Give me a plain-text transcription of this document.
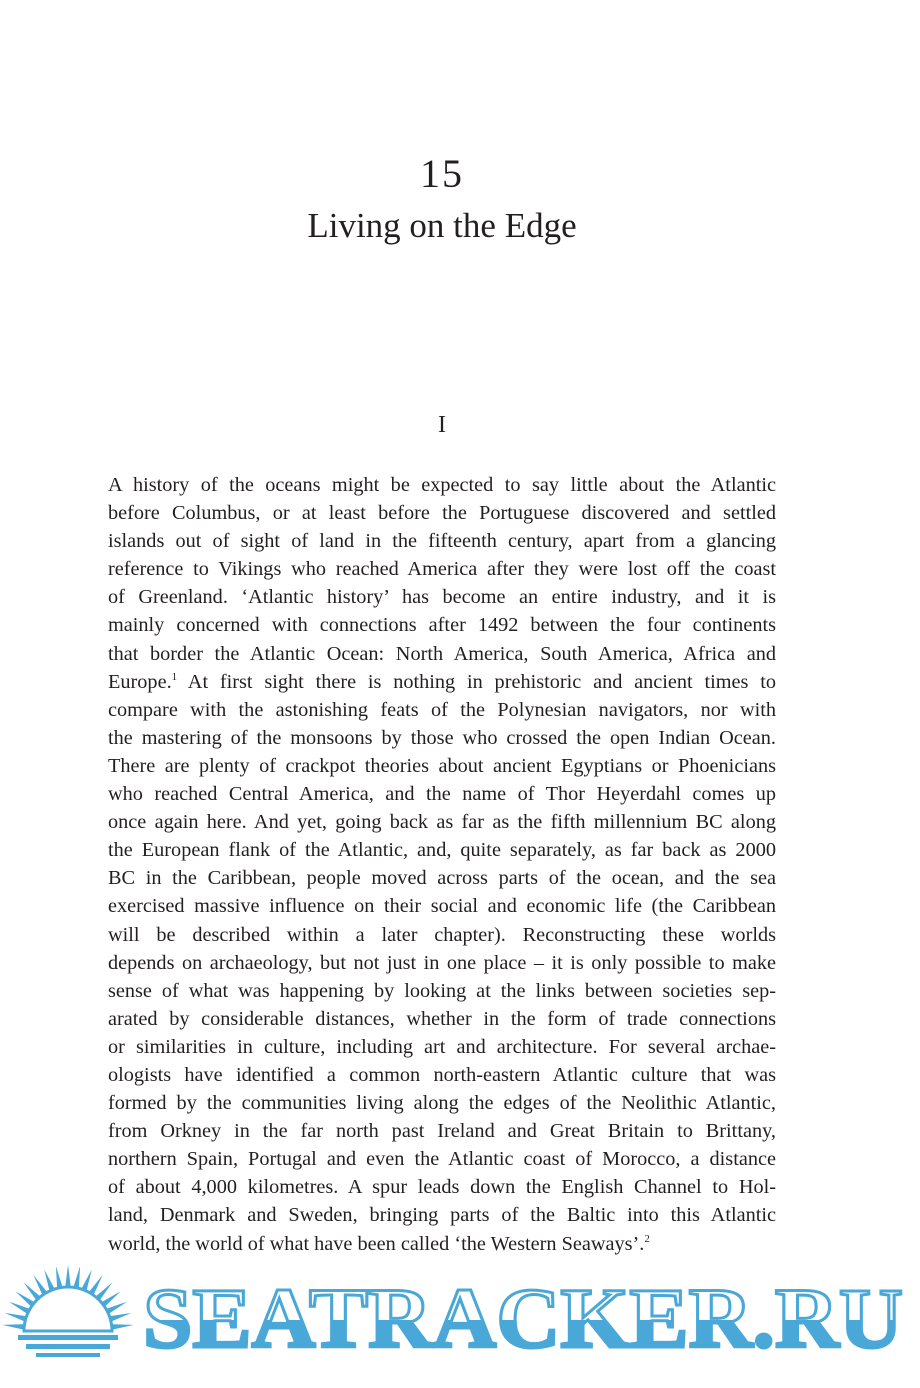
15
Living on the Edge
I
A history of the oceans might be expected to say little about the Atlantic
before Columbus, or at least before the Portuguese discovered and settled
islands out of sight of land in the fifteenth century, apart from a glancing
reference to Vikings who reached America after they were lost off the coast
of Greenland. ‘Atlantic history’ has become an entire industry, and it is
mainly concerned with connections after 1492 between the four continents
that border the Atlantic Ocean: North America, South America, Africa and
Europe.$^1$ At first sight there is nothing in prehistoric and ancient times to
compare with the astonishing feats of the Polynesian navigators, nor with
the mastering of the monsoons by those who crossed the open Indian Ocean.
There are plenty of crackpot theories about ancient Egyptians or Phoenicians
who reached Central America, and the name of Thor Heyerdahl comes up
once again here. And yet, going back as far as the fifth millennium BC along
the European flank of the Atlantic, and, quite separately, as far back as 2000
BC in the Caribbean, people moved across parts of the ocean, and the sea
exercised massive influence on their social and economic life (the Caribbean
will be described within a later chapter). Reconstructing these worlds
depends on archaeology, but not just in one place – it is only possible to make
sense of what was happening by looking at the links between societies sep-
arated by considerable distances, whether in the form of trade connections
or similarities in culture, including art and architecture. For several archae-
ologists have identified a common north-eastern Atlantic culture that was
formed by the communities living along the edges of the Neolithic Atlantic,
from Orkney in the far north past Ireland and Great Britain to Brittany,
northern Spain, Portugal and even the Atlantic coast of Morocco, a distance
of about 4,000 kilometres. A spur leads down the English Channel to Hol-
land, Denmark and Sweden, bringing parts of the Baltic into this Atlantic
world, the world of what have been called ‘the Western Seaways’.$^2$
SEATRACKER.RU
